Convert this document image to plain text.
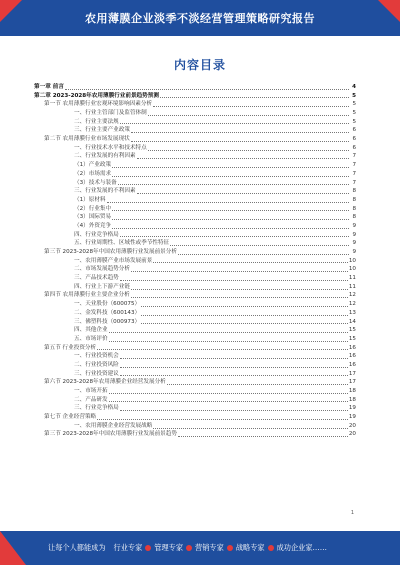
农用薄膜企业淡季不淡经营管理策略研究报告
内容目录
第一章 前言	4
第二章 2023-2028年农用薄膜行业前景趋势预测	5
第一节 农用薄膜行业宏观环境影响因素分析	5
一、行业主管部门及监管体制	5
二、行业主要法规	5
三、行业主要产业政策	6
第二节 农用薄膜行业市场发展现状	6
一、行业技术水平和技术特点	6
二、行业发展的有利因素	7
（1）产业政策	7
（2）市场需求	7
（3）技术与装备	7
三、行业发展的不利因素	8
（1）原材料	8
（2）行业集中	8
（3）国际贸易	8
（4）外资竞争	9
四、行业竞争格局	9
五、行业周期性、区域性或季节性特征	9
第三节 2023-2028年中国农用薄膜行业发展前景分析	9
一、农用薄膜产业市场发展前景	10
二、市场发展趋势分析	10
三、产品技术趋势	11
四、行业上下游产业链	11
第四节 农用薄膜行业主要企业分析	12
一、天业股份（600075）	12
二、金发科技（600143）	13
三、佛塑科技（000973）	14
四、其他企业	15
五、市场评价	15
第五节 行业投资分析	16
一、行业投资机会	16
二、行业投资风险	16
三、行业投资建议	17
第六节 2023-2028年农用薄膜企业经营发展分析	17
一、市场开拓	18
二、产品研发	18
三、行业竞争格局	19
第七节 企业经营策略	19
一、农用薄膜企业经营发展战略	20
第三节 2023-2028年中国农用薄膜行业发展前景趋势	20
1
让每个人都能成为 行业专家 管理专家 营销专家 战略专家 成功企业家……
